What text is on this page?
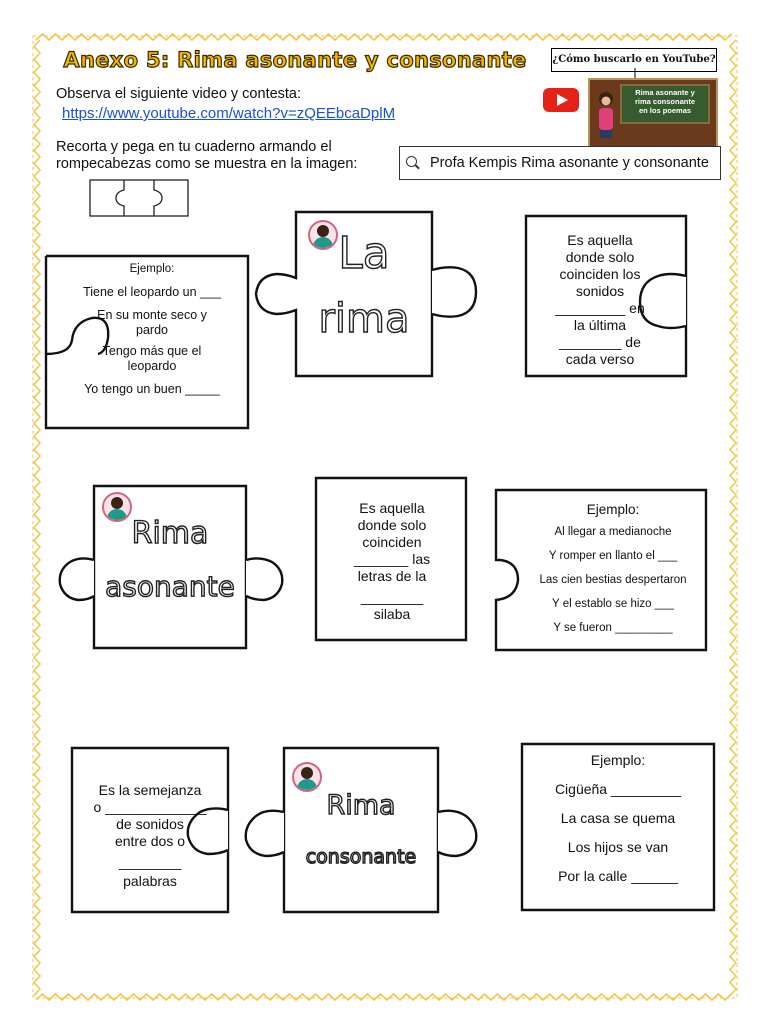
Anexo 5: Rima asonante y consonante
Observa el siguiente video y contesta:
https://www.youtube.com/watch?v=zQEEbcaDplM
Recorta y pega en tu cuaderno armando el
rompecabezas como se muestra en la imagen:
¿Cómo buscarlo en YouTube?
Rima asonante y
rima consonante
en los poemas
Profa Kempis Rima asonante y consonante
Ejemplo:
Tiene el leopardo un ___
En su monte seco y
pardo
Tengo más que el
leopardo
Yo tengo un buen _____
La
rima
Es aquella
donde solo
coinciden los
sonidos
_________ en
la última
________ de
cada verso
Rima
asonante
Es aquella
donde solo
coinciden
_______ las
letras de la
________
silaba
Ejemplo:
Al llegar a medianoche
Y romper en llanto el ___
Las cien bestias despertaron
Y el establo se hizo ___
Y se fueron _________
Es la semejanza
o _____________
de sonidos
entre dos o
________
palabras
Rima
consonante
Ejemplo:
Cigüeña _________
La casa se quema
Los hijos se van
Por la calle ______
